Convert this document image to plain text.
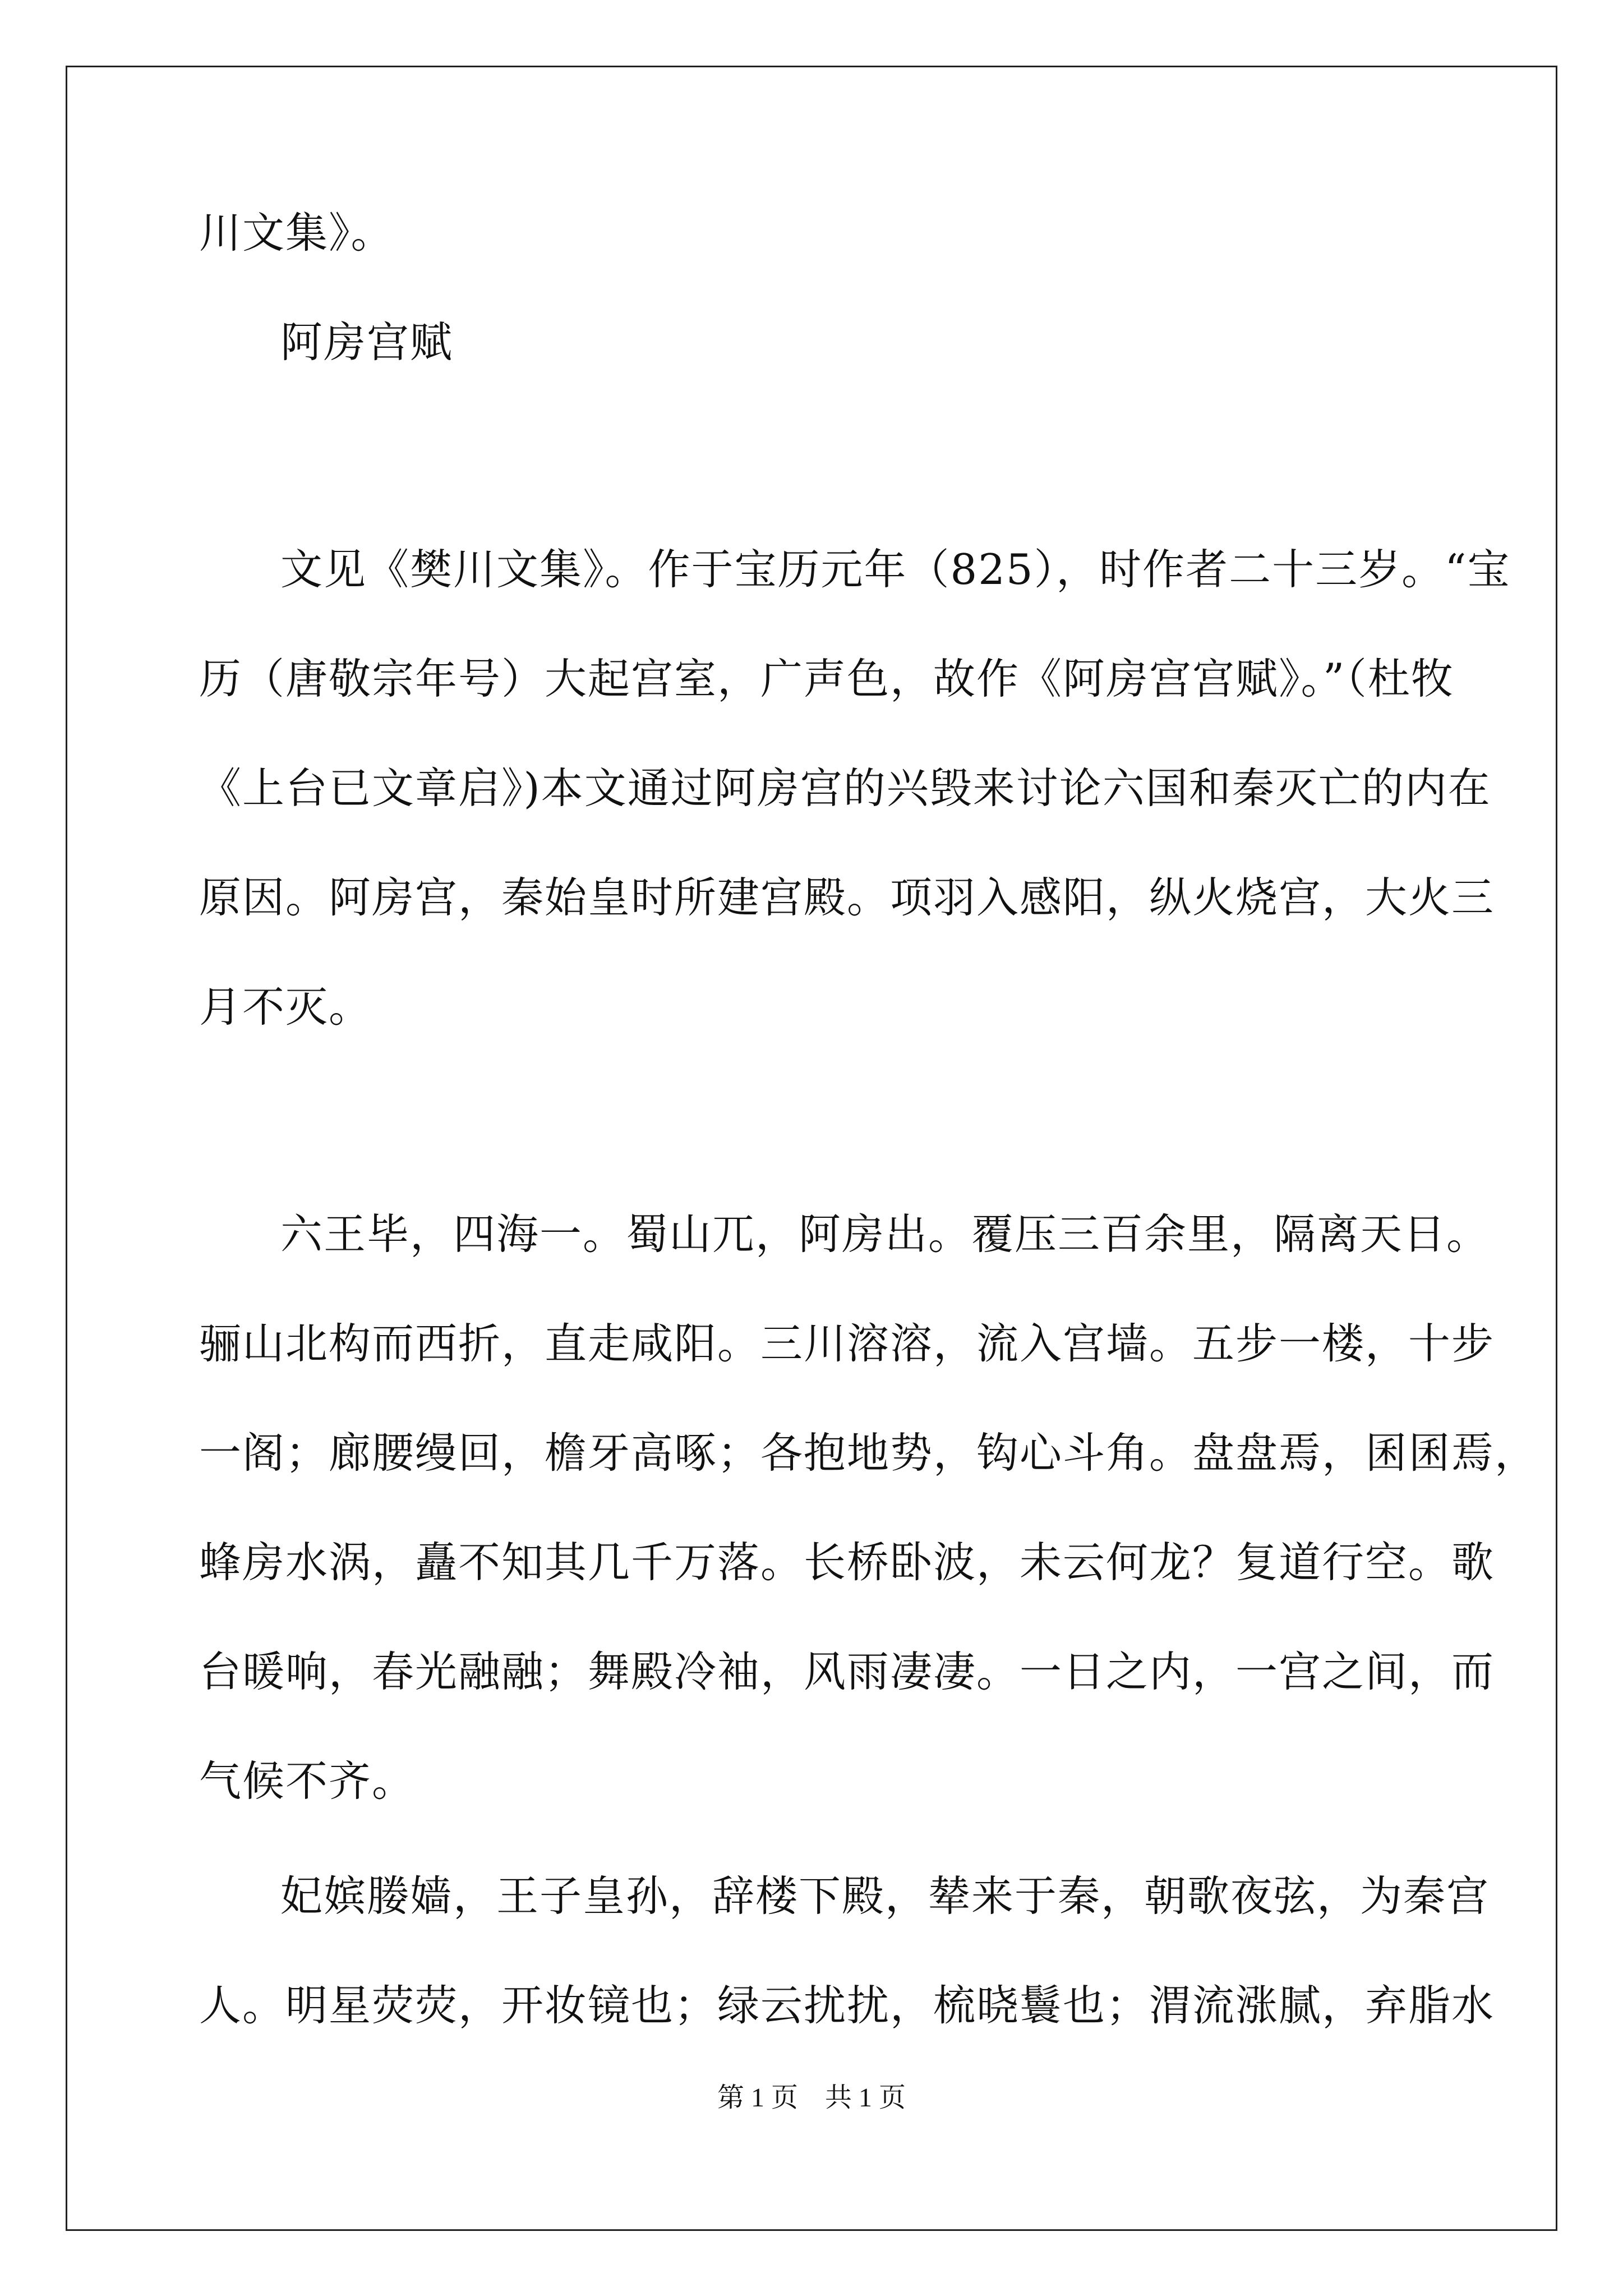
川文集》。

阿房宫赋

文见《樊川文集》。作于宝历元年（825），时作者二十三岁。“宝

历（唐敬宗年号）大起宫室，广声色，故作《阿房宫宫赋》。”（杜牧

《上台已文章启》)本文通过阿房宫的兴毁来讨论六国和秦灭亡的内在

原因。阿房宫，秦始皇时所建宫殿。项羽入感阳，纵火烧宫，大火三

月不灭。

六王毕，四海一。蜀山兀，阿房出。覆压三百余里，隔离天日。

骊山北构而西折，直走咸阳。三川溶溶，流入宫墙。五步一楼，十步

一阁；廊腰缦回，檐牙高啄；各抱地势，钩心斗角。盘盘焉，囷囷焉，

蜂房水涡，矗不知其几千万落。长桥卧波，未云何龙？复道行空。歌

台暖响，春光融融；舞殿冷袖，风雨凄凄。一日之内，一宫之间，而

气候不齐。

妃嫔媵嫱，王子皇孙，辞楼下殿，辇来于秦，朝歌夜弦，为秦宫

人。明星荧荧，开妆镜也；绿云扰扰，梳晓鬟也；渭流涨腻，弃脂水

第 1 页　共 1 页
